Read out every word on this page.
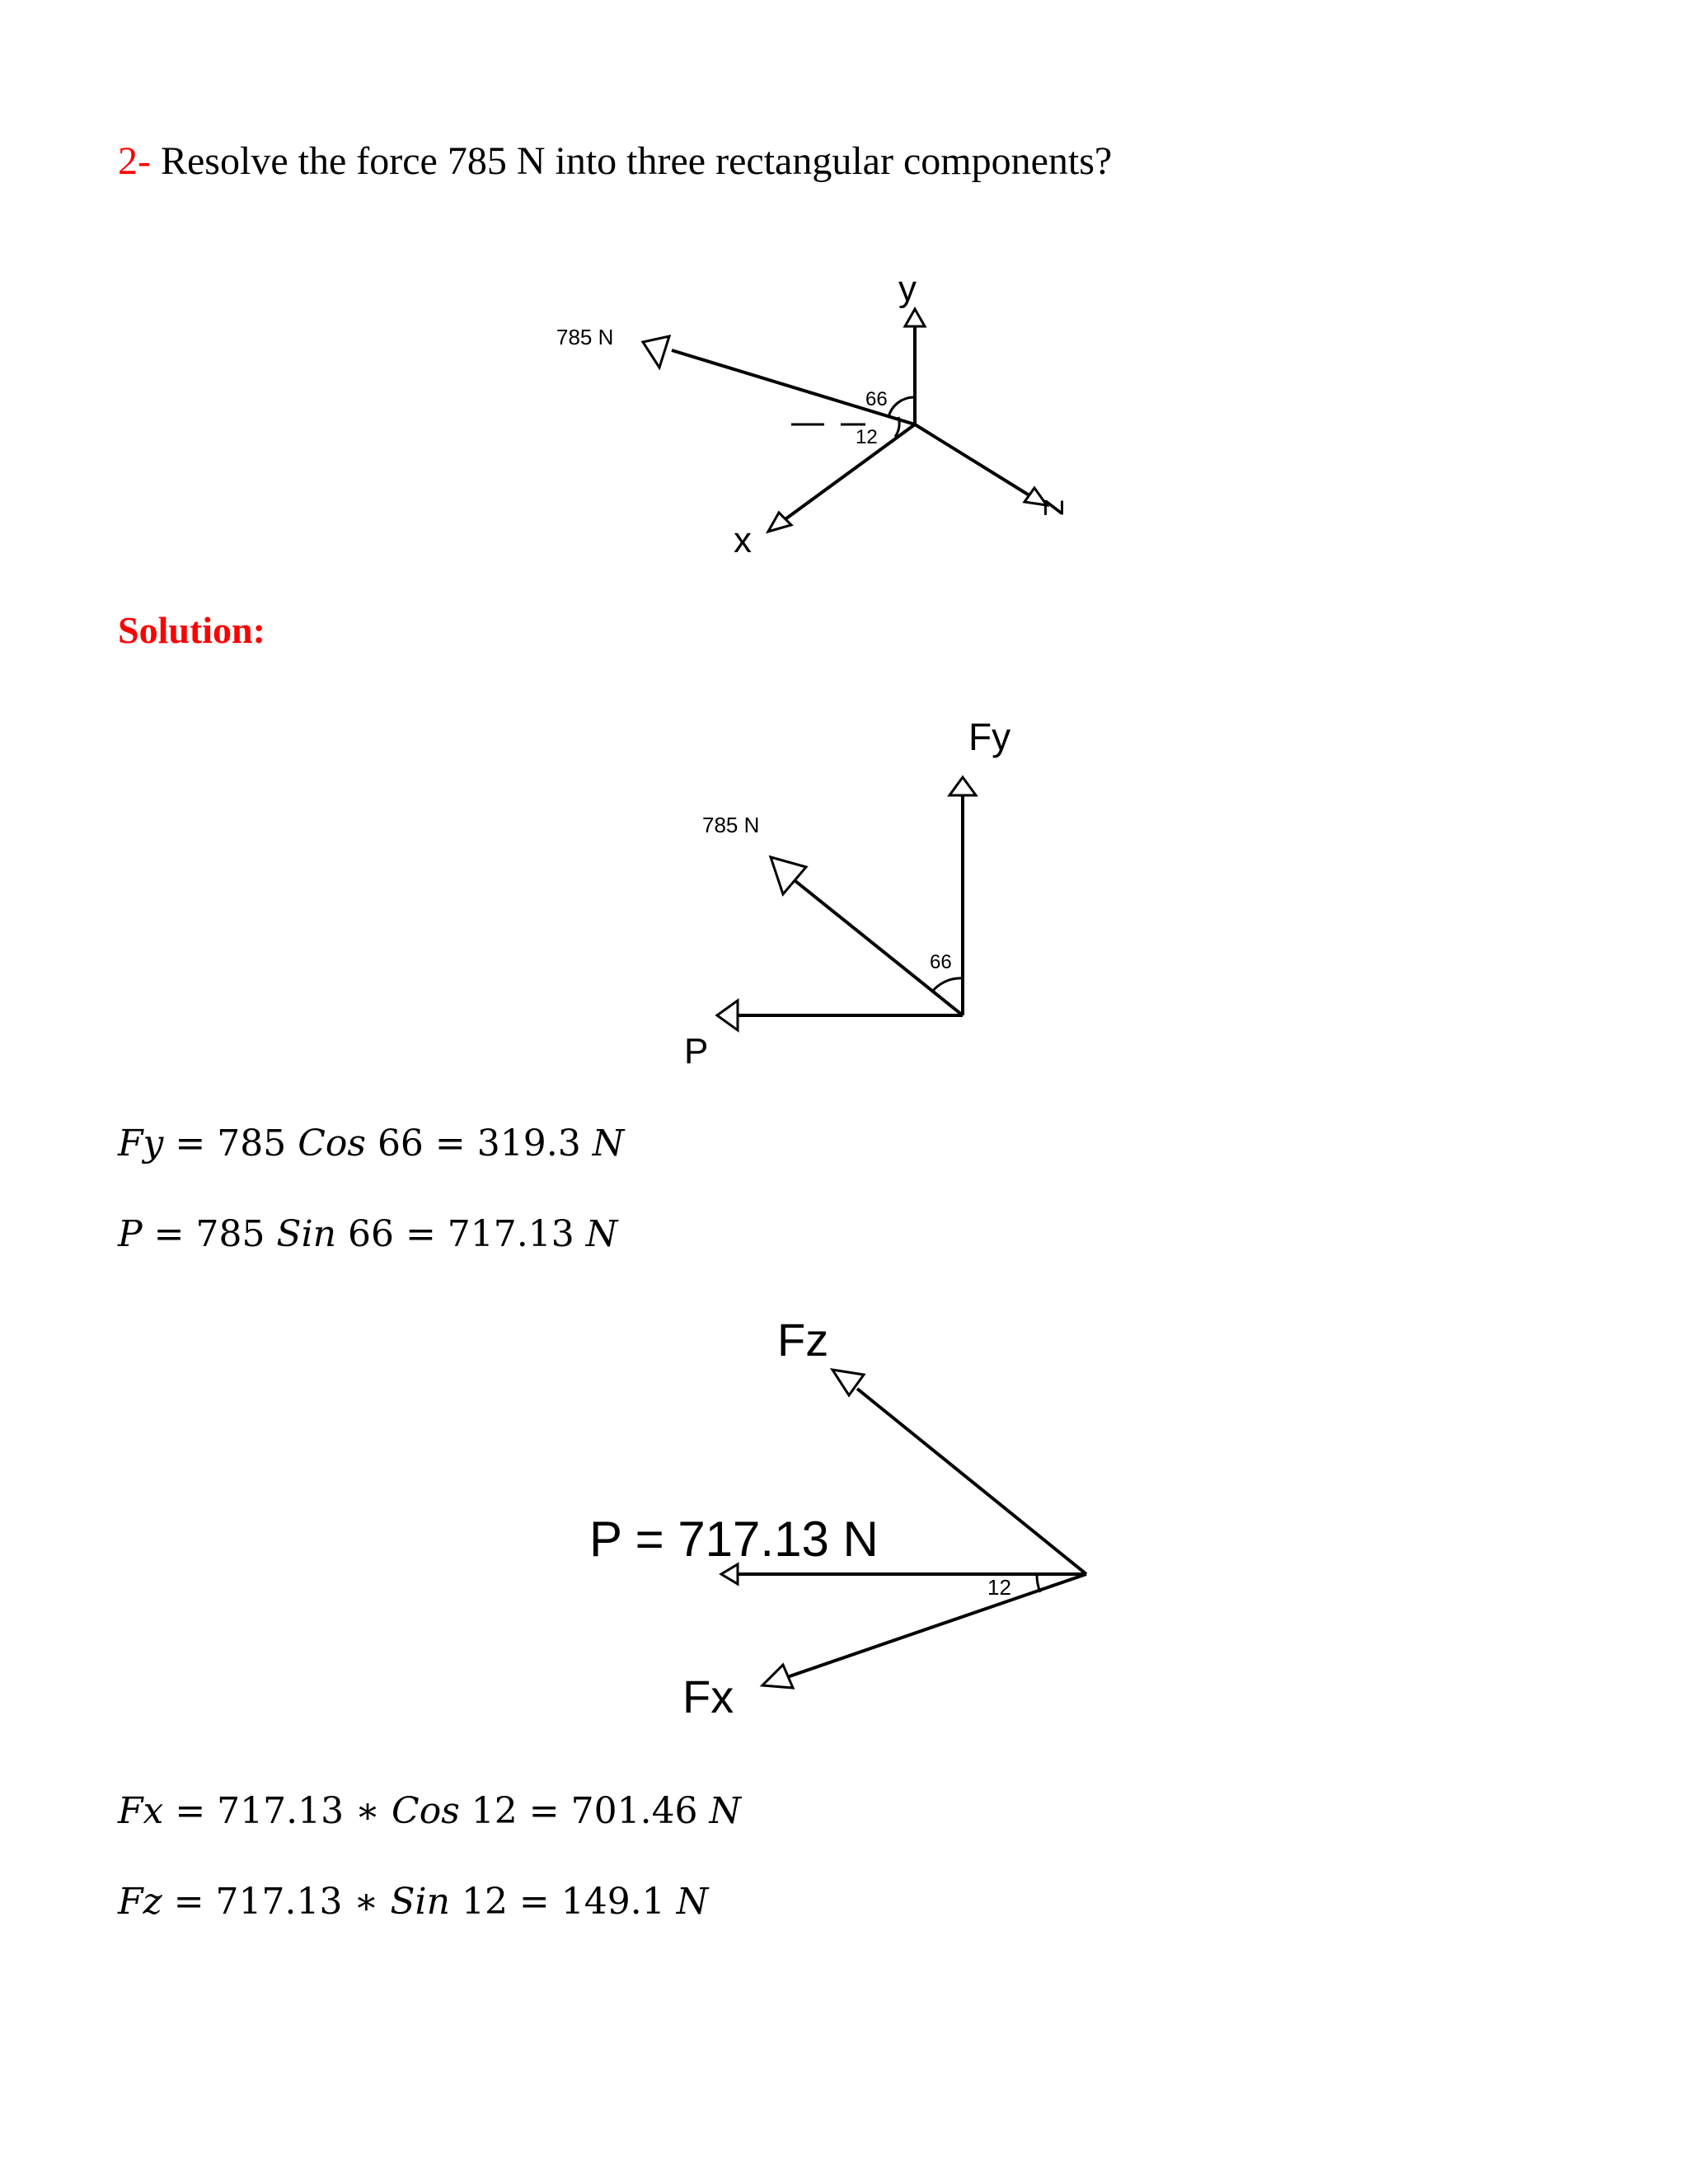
2- Resolve the force 785 N into three rectangular components?
785 N
66
12
y
x
z
Solution:
785 N
Fy
P
66
Fy = 785 Cos 66 = 319.3 N
P = 785 Sin 66 = 717.13 N
P = 717.13 N
Fz
Fx
12
Fx = 717.13 ∗ Cos 12 = 701.46 N
Fz = 717.13 ∗ Sin 12 = 149.1 N
